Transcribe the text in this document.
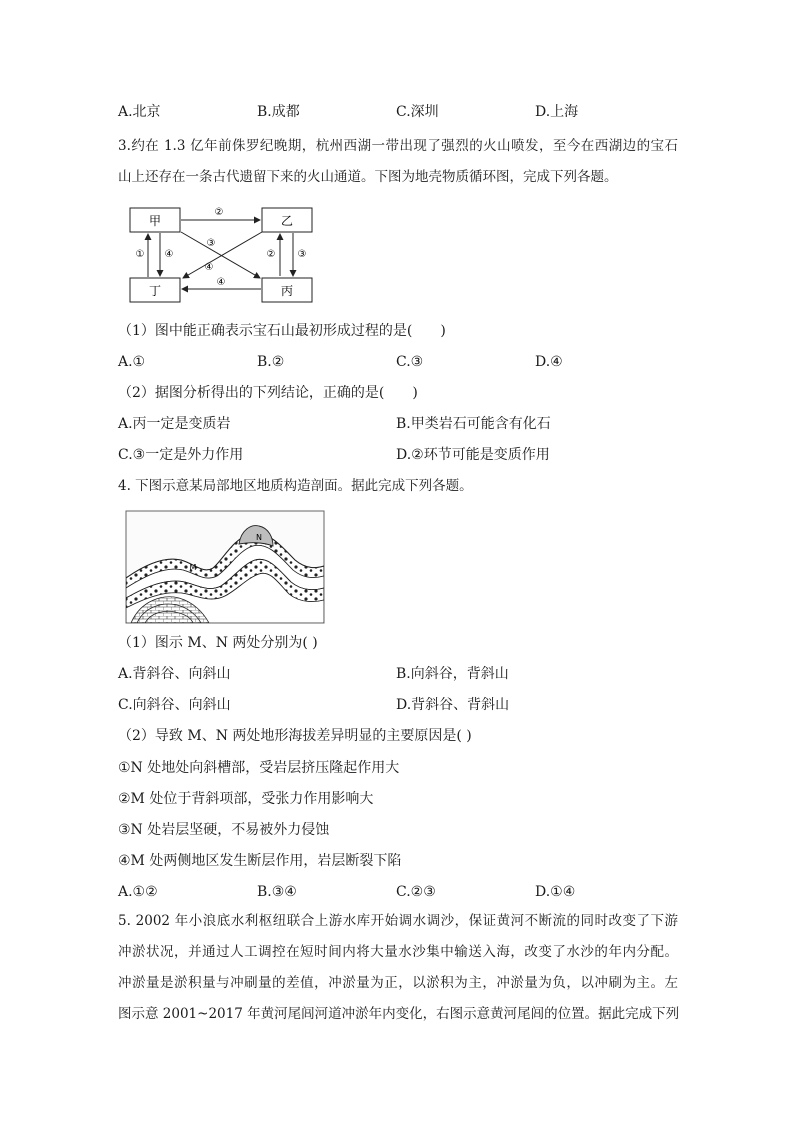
A.北京	B.成都	C.深圳	D.上海
3.约在 1.3 亿年前侏罗纪晚期，杭州西湖一带出现了强烈的火山喷发，至今在西湖边的宝石
山上还存在一条古代遗留下来的火山通道。下图为地壳物质循环图，完成下列各题。
甲	乙
丙
丁
②
① ④
③
④
② ③
④
（1）图中能正确表示宝石山最初形成过程的是(　　)
A.①	B.②	C.③	D.④
（2）据图分析得出的下列结论，正确的是(　　)
A.丙一定是变质岩	B.甲类岩石可能含有化石
C.③一定是外力作用	D.②环节可能是变质作用
4. 下图示意某局部地区地质构造剖面。据此完成下列各题。
N
M
（1）图示 M、N 两处分别为( )
A.背斜谷、向斜山	B.向斜谷，背斜山
C.向斜谷、向斜山	D.背斜谷、背斜山
（2）导致 M、N 两处地形海拔差异明显的主要原因是( )
①N 处地处向斜槽部，受岩层挤压隆起作用大
②M 处位于背斜项部，受张力作用影响大
③N 处岩层坚硬，不易被外力侵蚀
④M 处两侧地区发生断层作用，岩层断裂下陷
A.①②	B.③④	C.②③	D.①④
5. 2002 年小浪底水利枢纽联合上游水库开始调水调沙，保证黄河不断流的同时改变了下游
冲淤状况，并通过人工调控在短时间内将大量水沙集中输送入海，改变了水沙的年内分配。
冲淤量是淤积量与冲刷量的差值，冲淤量为正，以淤积为主，冲淤量为负，以冲刷为主。左
图示意 2001~2017 年黄河尾闾河道冲淤年内变化，右图示意黄河尾闾的位置。据此完成下列
